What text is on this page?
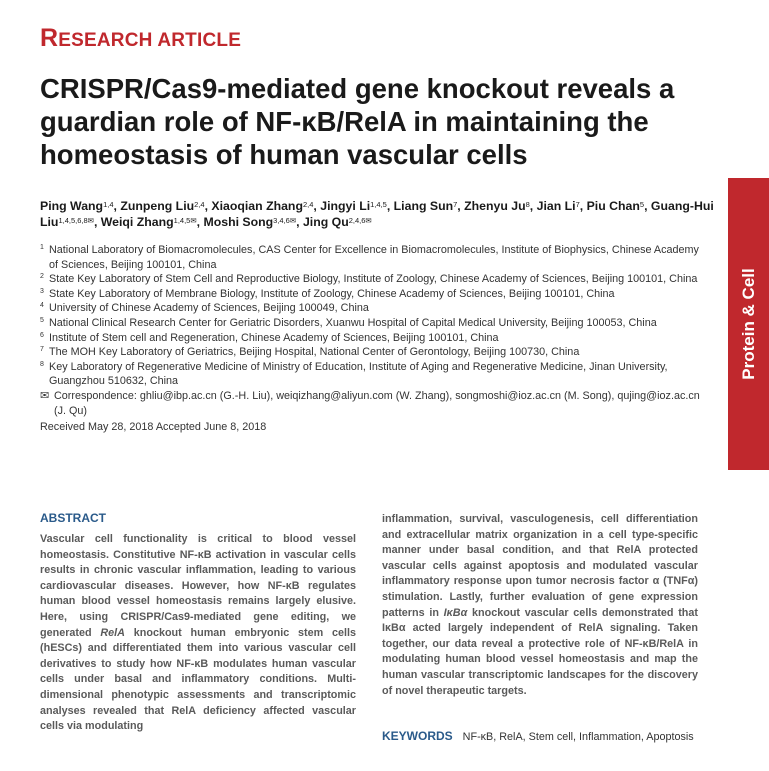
RESEARCH ARTICLE
CRISPR/Cas9-mediated gene knockout reveals a guardian role of NF-κB/RelA in maintaining the homeostasis of human vascular cells
Protein & Cell
Ping Wang$^{1,4}$, Zunpeng Liu$^{2,4}$, Xiaoqian Zhang$^{2,4}$, Jingyi Li$^{1,4,5}$, Liang Sun$^7$, Zhenyu Ju$^8$, Jian Li$^7$, Piu Chan$^5$, Guang-Hui Liu$^{1,4,5,6,8✉}$, Weiqi Zhang$^{1,4,5✉}$, Moshi Song$^{3,4,6✉}$, Jing $Qu^{2,4,6✉}$
1 National Laboratory of Biomacromolecules, CAS Center for Excellence in Biomacromolecules, Institute of Biophysics, Chinese Academy of Sciences, Beijing 100101, China
2 State Key Laboratory of Stem Cell and Reproductive Biology, Institute of Zoology, Chinese Academy of Sciences, Beijing 100101, China
3 State Key Laboratory of Membrane Biology, Institute of Zoology, Chinese Academy of Sciences, Beijing 100101, China
4 University of Chinese Academy of Sciences, Beijing 100049, China
5 National Clinical Research Center for Geriatric Disorders, Xuanwu Hospital of Capital Medical University, Beijing 100053, China
6 Institute of Stem cell and Regeneration, Chinese Academy of Sciences, Beijing 100101, China
7 The MOH Key Laboratory of Geriatrics, Beijing Hospital, National Center of Gerontology, Beijing 100730, China
8 Key Laboratory of Regenerative Medicine of Ministry of Education, Institute of Aging and Regenerative Medicine, Jinan University, Guangzhou 510632, China
✉ Correspondence: ghliu@ibp.ac.cn (G.-H. Liu), weiqizhang@aliyun.com (W. Zhang), songmoshi@ioz.ac.cn (M. Song), qujing@ioz.ac.cn (J. Qu)
Received May 28, 2018 Accepted June 8, 2018
ABSTRACT
Vascular cell functionality is critical to blood vessel homeostasis. Constitutive NF-κB activation in vascular cells results in chronic vascular inflammation, leading to various cardiovascular diseases. However, how NF-κB regulates human blood vessel homeostasis remains largely elusive. Here, using CRISPR/Cas9-mediated gene editing, we generated RelA knockout human embryonic stem cells (hESCs) and differentiated them into various vascular cell derivatives to study how NF-κB modulates human vascular cells under basal and inflammatory conditions. Multi-dimensional phenotypic assessments and transcriptomic analyses revealed that RelA deficiency affected vascular cells via modulating
inflammation, survival, vasculogenesis, cell differentiation and extracellular matrix organization in a cell type-specific manner under basal condition, and that RelA protected vascular cells against apoptosis and modulated vascular inflammatory response upon tumor necrosis factor α (TNFα) stimulation. Lastly, further evaluation of gene expression patterns in IκBα knockout vascular cells demonstrated that IκBα acted largely independent of RelA signaling. Taken together, our data reveal a protective role of NF-κB/RelA in modulating human blood vessel homeostasis and map the human vascular transcriptomic landscapes for the discovery of novel therapeutic targets.
KEYWORDS NF-κB, RelA, Stem cell, Inflammation, Apoptosis
